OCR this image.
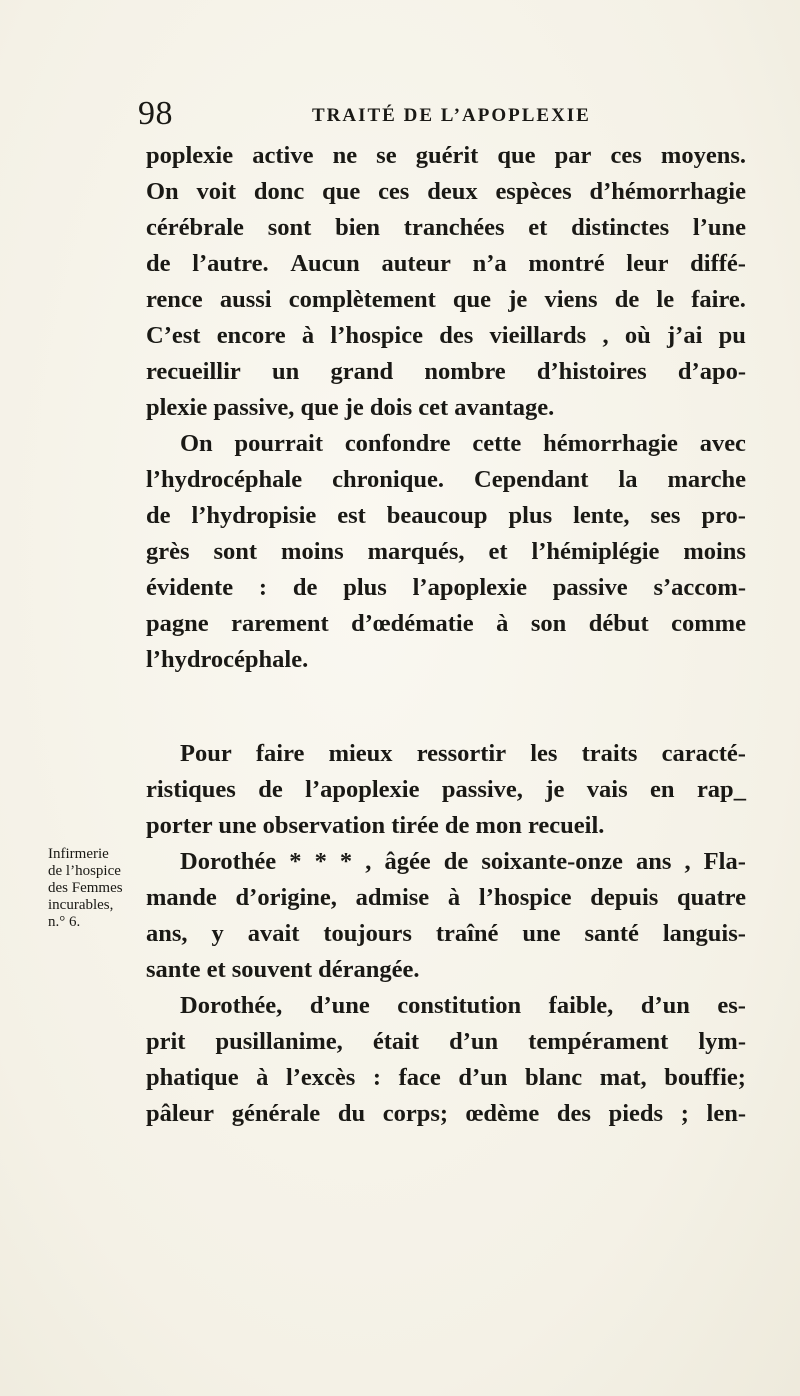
98	TRAITÉ DE L’APOPLEXIE
poplexie active ne se guérit que par ces moyens.
On voit donc que ces deux espèces d’hémorrhagie
cérébrale sont bien tranchées et distinctes l’une
de l’autre. Aucun auteur n’a montré leur diffé-
rence aussi complètement que je viens de le faire.
C’est encore à l’hospice des vieillards , où j’ai pu
recueillir un grand nombre d’histoires d’apo-
plexie passive, que je dois cet avantage.
On pourrait confondre cette hémorrhagie avec
l’hydrocéphale chronique. Cependant la marche
de l’hydropisie est beaucoup plus lente, ses pro-
grès sont moins marqués, et l’hémiplégie moins
évidente : de plus l’apoplexie passive s’accom-
pagne rarement d’œdématie à son début comme
l’hydrocéphale.
Pour faire mieux ressortir les traits caracté-
ristiques de l’apoplexie passive, je vais en rap_
porter une observation tirée de mon recueil.
Infirmerie
de l’hospice
des Femmes
incurables,
n.° 6.
Dorothée * * * , âgée de soixante-onze ans , Fla-
mande d’origine, admise à l’hospice depuis quatre
ans, y avait toujours traîné une santé languis-
sante et souvent dérangée.
Dorothée, d’une constitution faible, d’un es-
prit pusillanime, était d’un tempérament lym-
phatique à l’excès : face d’un blanc mat, bouffie;
pâleur générale du corps; œdème des pieds ; len-
